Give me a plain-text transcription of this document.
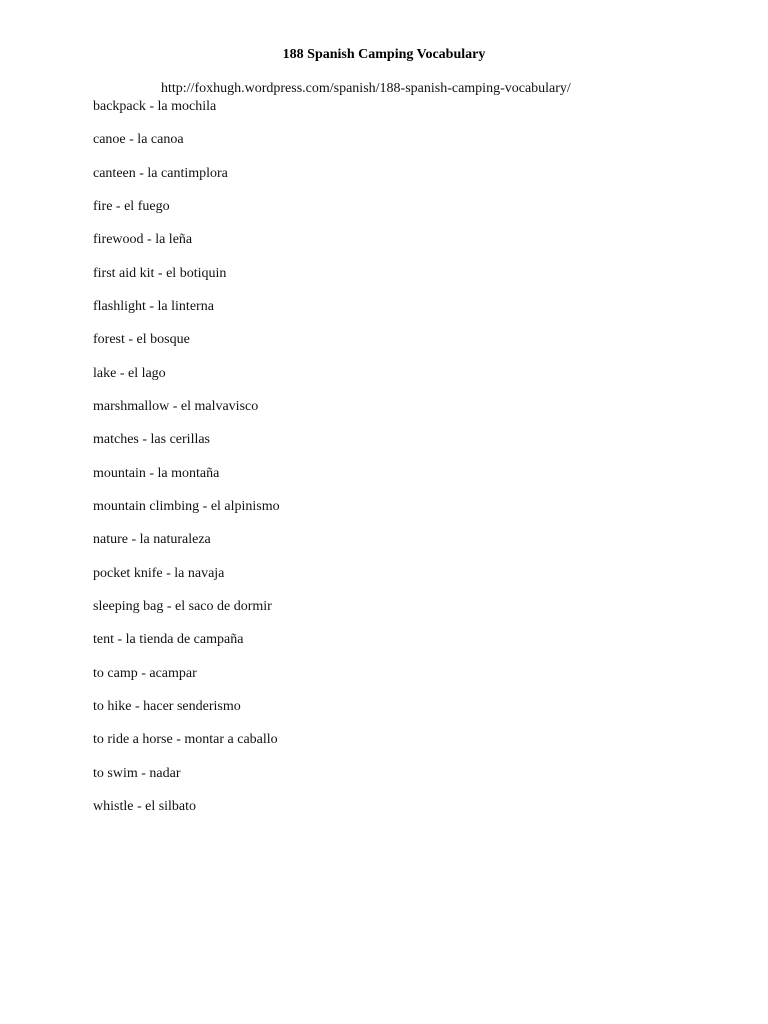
188 Spanish Camping Vocabulary
http://foxhugh.wordpress.com/spanish/188-spanish-camping-vocabulary/
backpack - la mochila
canoe - la canoa
canteen - la cantimplora
fire - el fuego
firewood - la leña
first aid kit - el botiquin
flashlight - la linterna
forest - el bosque
lake - el lago
marshmallow - el malvavisco
matches - las cerillas
mountain - la montaña
mountain climbing - el alpinismo
nature - la naturaleza
pocket knife - la navaja
sleeping bag - el saco de dormir
tent - la tienda de campaña
to camp - acampar
to hike - hacer senderismo
to ride a horse - montar a caballo
to swim - nadar
whistle - el silbato
